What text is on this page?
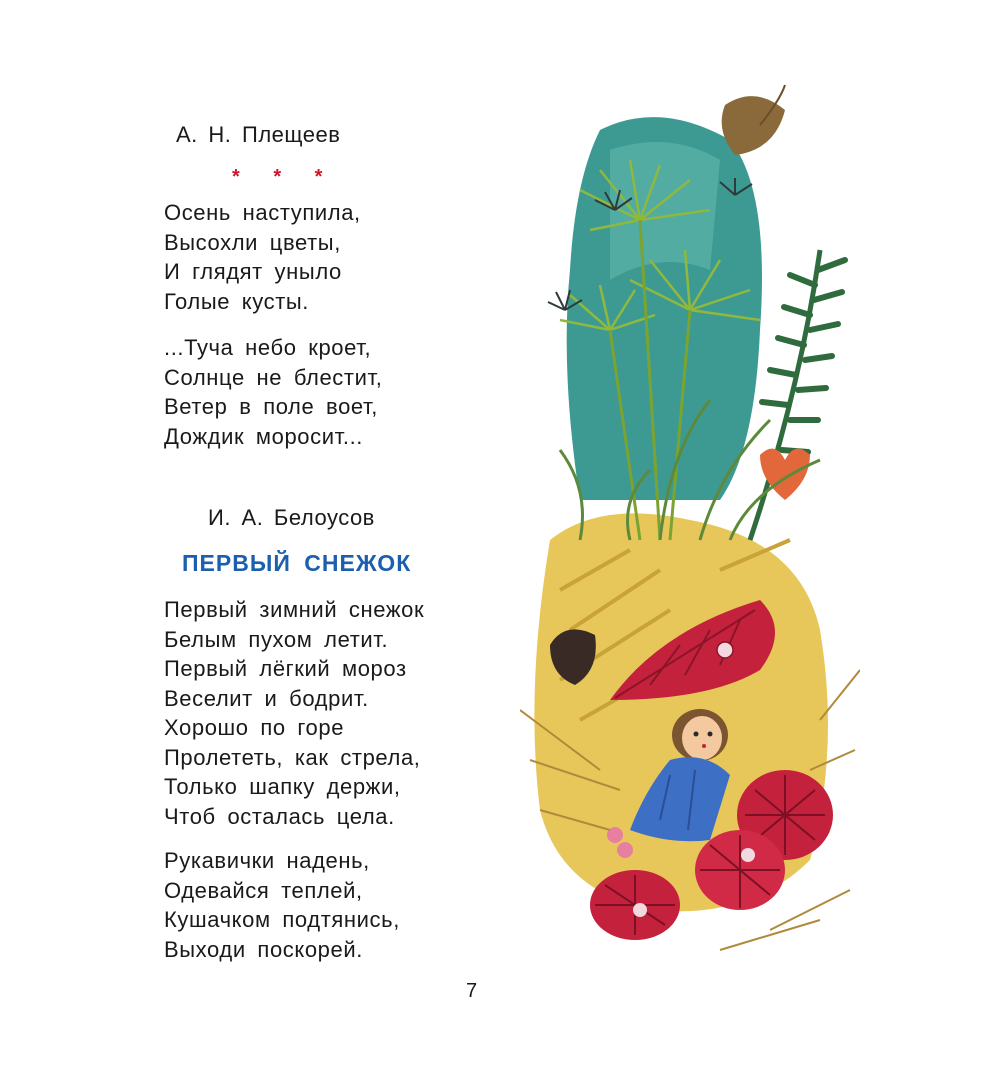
А. Н. Плещеев
* * *
Осень наступила,
Высохли цветы,
И глядят уныло
Голые кусты.
...Туча небо кроет,
Солнце не блестит,
Ветер в поле воет,
Дождик моросит...
И. А. Белоусов
ПЕРВЫЙ СНЕЖОК
Первый зимний снежок
Белым пухом летит.
Первый лёгкий мороз
Веселит и бодрит.
Хорошо по горе
Пролететь, как стрела,
Только шапку держи,
Чтоб осталась цела.
Рукавички надень,
Одевайся теплей,
Кушачком подтянись,
Выходи поскорей.
7
